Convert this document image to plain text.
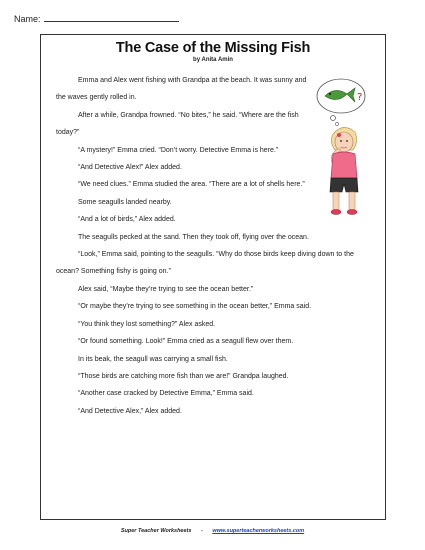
Name:
The Case of the Missing Fish
by Anita Amin
?

Emma and Alex went fishing with Grandpa at the beach. It was sunny and the waves gently rolled in.

After a while, Grandpa frowned. “No bites,” he said. “Where are the fish today?”

“A mystery!” Emma cried. “Don’t worry. Detective Emma is here.”

“And Detective Alex!” Alex added.

“We need clues.” Emma studied the area. “There are a lot of shells here.”

Some seagulls landed nearby.

“And a lot of birds,” Alex added.

The seagulls pecked at the sand. Then they took off, flying over the ocean.

“Look,” Emma said, pointing to the seagulls. “Why do those birds keep diving down to the ocean? Something fishy is going on.”

Alex said, “Maybe they’re trying to see the ocean better.”

“Or maybe they’re trying to see something in the ocean better,” Emma said.

“You think they lost something?” Alex asked.

“Or found something. Look!” Emma cried as a seagull flew over them.

In its beak, the seagull was carrying a small fish.

“Those birds are catching more fish than we are!” Grandpa laughed.

“Another case cracked by Detective Emma,” Emma said.

“And Detective Alex,” Alex added.

Super Teacher Worksheets - www.superteacherworksheets.com
